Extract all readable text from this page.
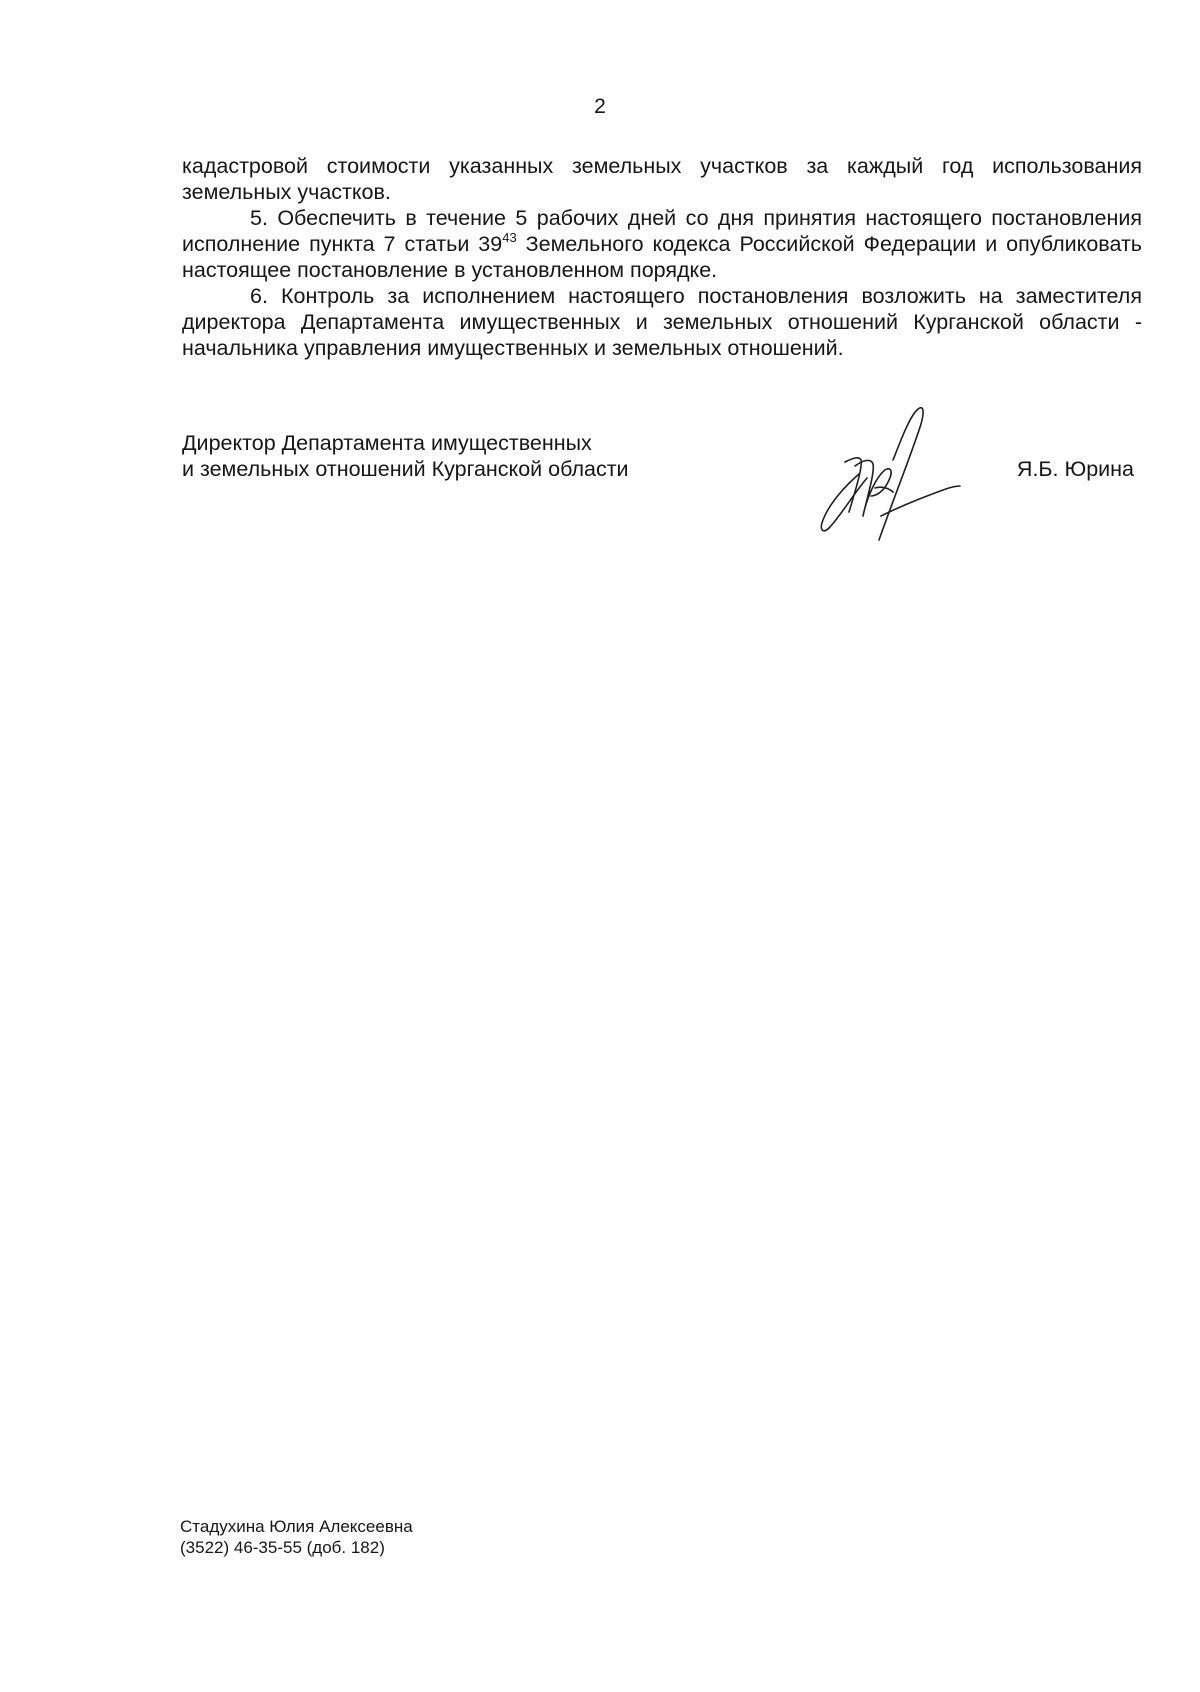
2

кадастровой стоимости указанных земельных участков за каждый год использования земельных участков.

5. Обеспечить в течение 5 рабочих дней со дня принятия настоящего постановления исполнение пункта 7 статьи $39^{43}$ Земельного кодекса Российской Федерации и опубликовать настоящее постановление в установленном порядке.

6. Контроль за исполнением настоящего постановления возложить на заместителя директора Департамента имущественных и земельных отношений Курганской области - начальника управления имущественных и земельных отношений.

Директор Департамента имущественных
и земельных отношений Курганской области	Я.Б. Юрина
Стадухина Юлия Алексеевна
(3522) 46-35-55 (доб. 182)
